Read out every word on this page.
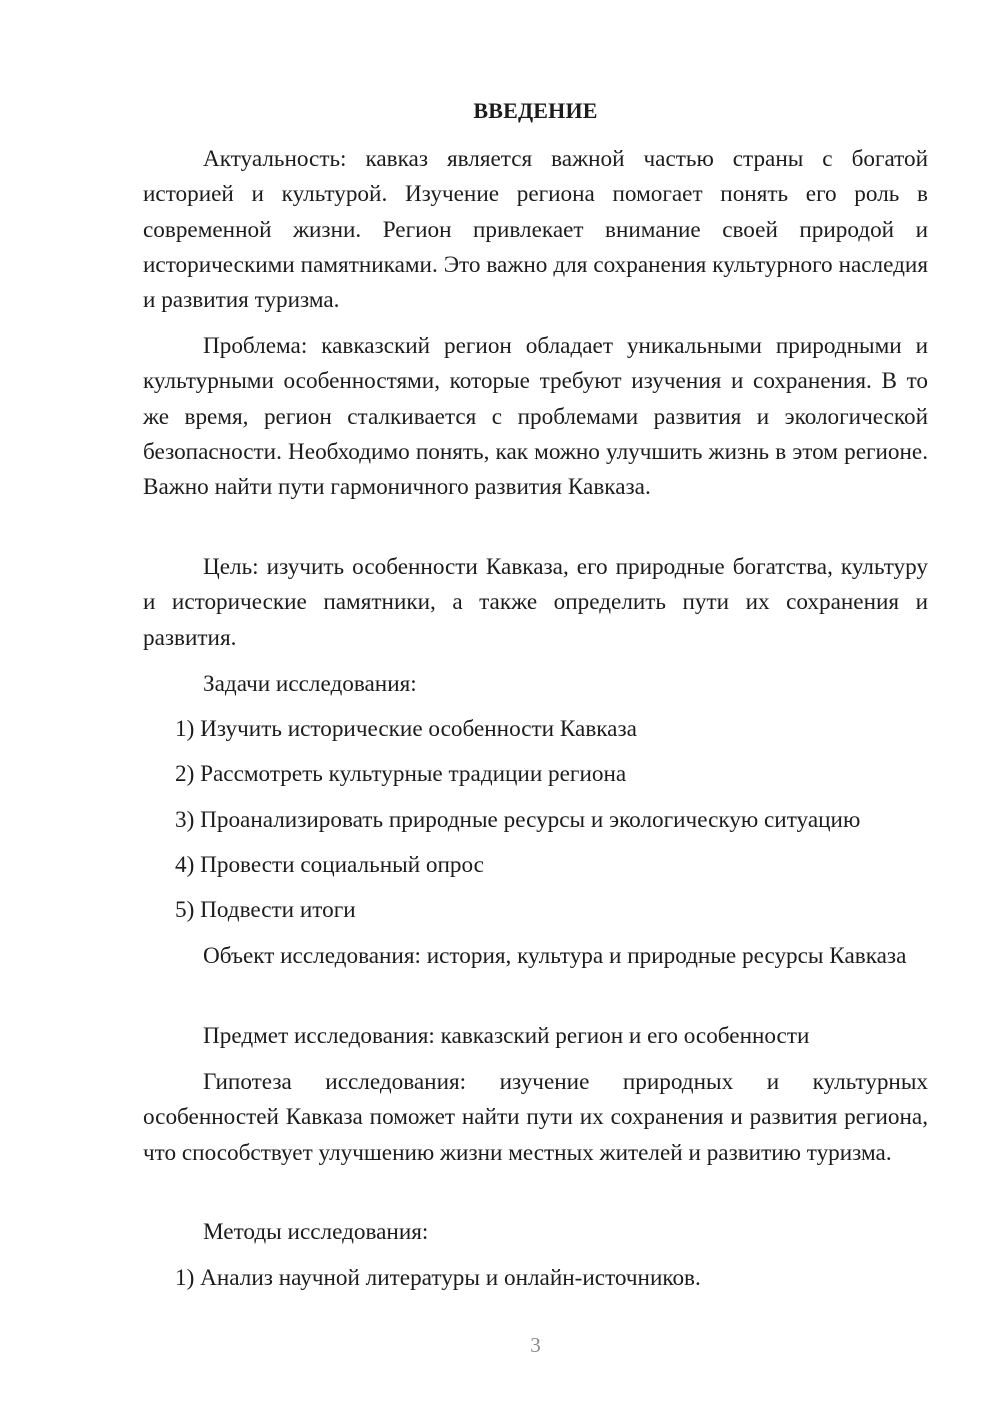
ВВЕДЕНИЕ

Актуальность: кавказ является важной частью страны с богатой историей и культурой. Изучение региона помогает понять его роль в современной жизни. Регион привлекает внимание своей природой и историческими памятниками. Это важно для сохранения культурного наследия и развития туризма.

Проблема: кавказский регион обладает уникальными природными и культурными особенностями, которые требуют изучения и сохранения. В то же время, регион сталкивается с проблемами развития и экологической безопасности. Необходимо понять, как можно улучшить жизнь в этом регионе. Важно найти пути гармоничного развития Кавказа.

Цель: изучить особенности Кавказа, его природные богатства, культуру и исторические памятники, а также определить пути их сохранения и развития.

Задачи исследования:

1) Изучить исторические особенности Кавказа

2) Рассмотреть культурные традиции региона

3) Проанализировать природные ресурсы и экологическую ситуацию

4) Провести социальный опрос

5) Подвести итоги

Объект исследования: история, культура и природные ресурсы Кавказа

Предмет исследования: кавказский регион и его особенности

Гипотеза исследования: изучение природных и культурных особенностей Кавказа поможет найти пути их сохранения и развития региона, что способствует улучшению жизни местных жителей и развитию туризма.

Методы исследования:

1) Анализ научной литературы и онлайн-источников.

3
